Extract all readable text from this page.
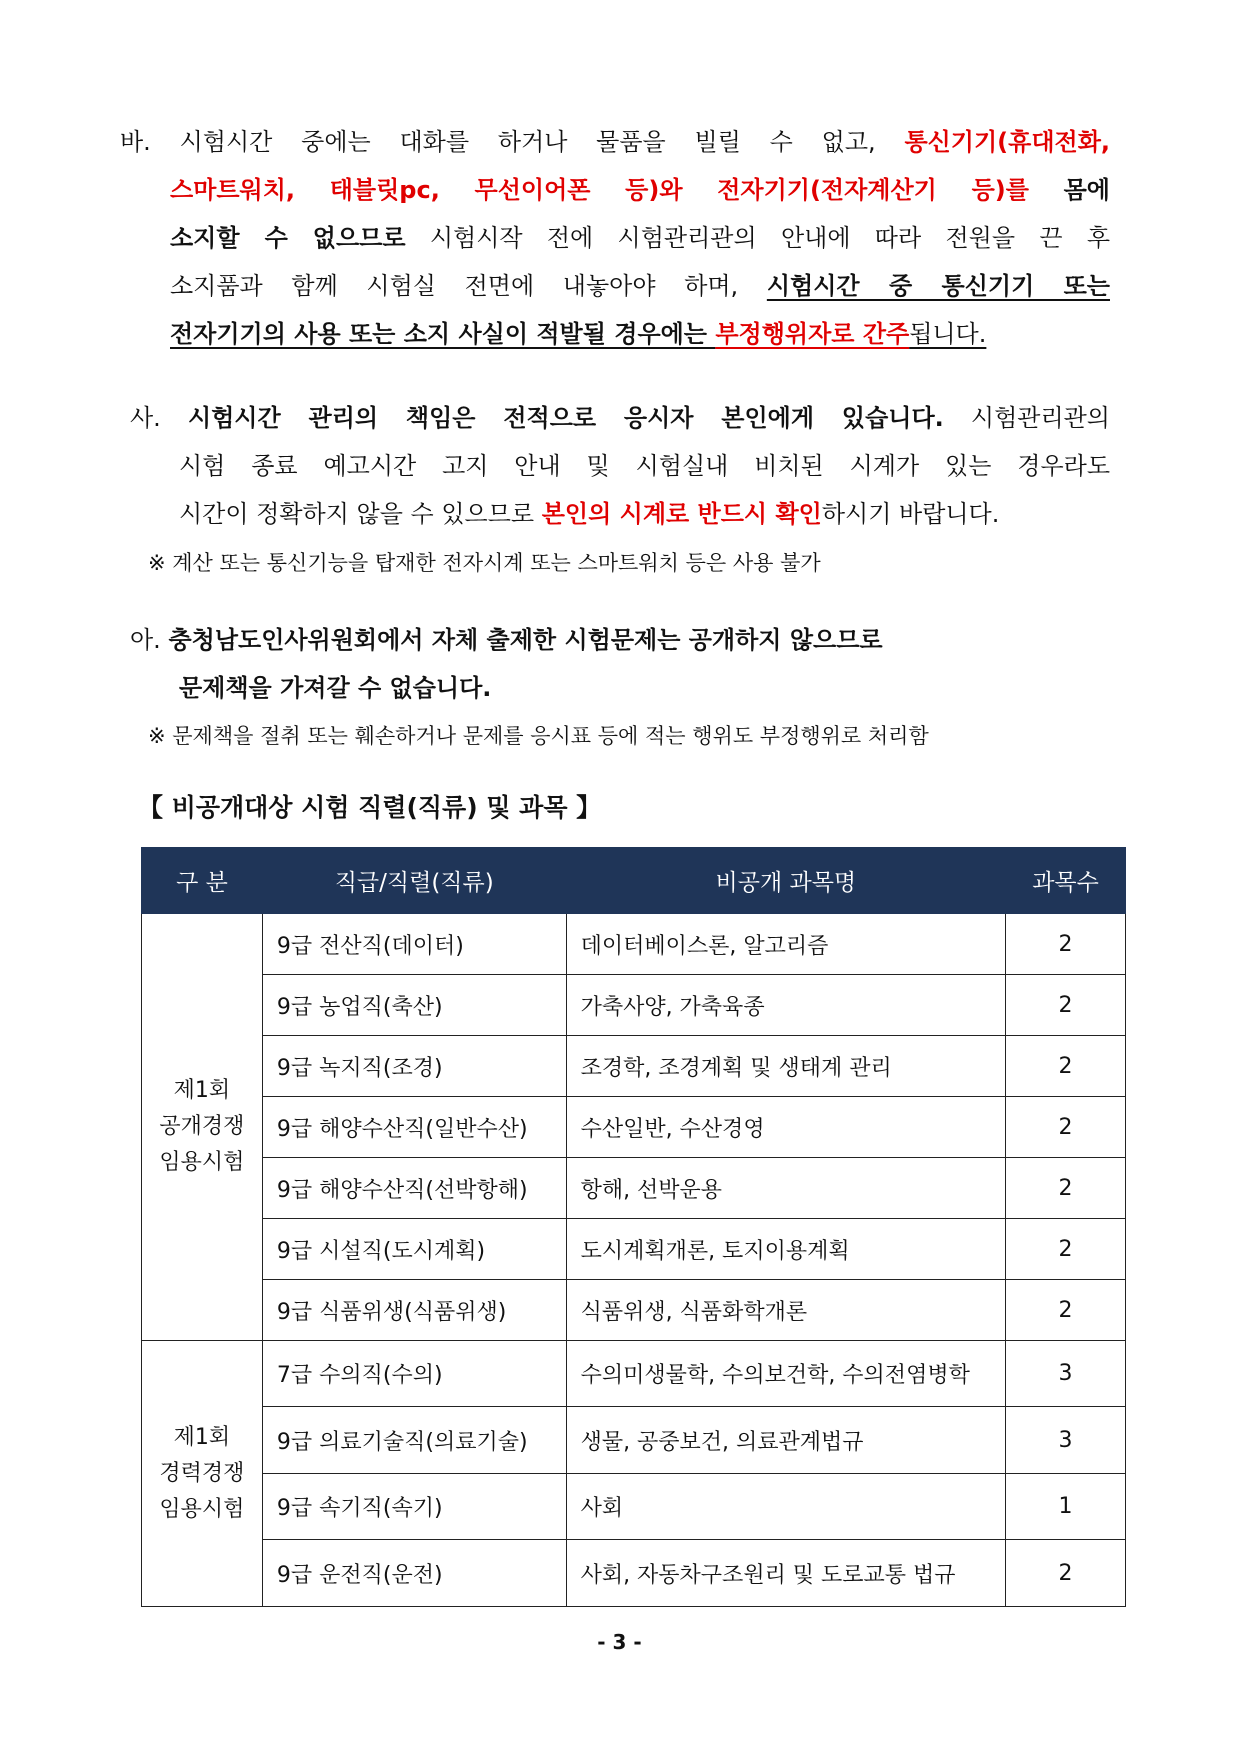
바. 시험시간 중에는 대화를 하거나 물품을 빌릴 수 없고, 통신기기(휴대전화,
스마트워치, 태블릿pc, 무선이어폰 등)와 전자기기(전자계산기 등)를 몸에
소지할 수 없으므로 시험시작 전에 시험관리관의 안내에 따라 전원을 끈 후
소지품과 함께 시험실 전면에 내놓아야 하며, 시험시간 중 통신기기 또는
전자기기의 사용 또는 소지 사실이 적발될 경우에는 부정행위자로 간주됩니다.
사. 시험시간 관리의 책임은 전적으로 응시자 본인에게 있습니다. 시험관리관의
시험 종료 예고시간 고지 안내 및 시험실내 비치된 시계가 있는 경우라도
시간이 정확하지 않을 수 있으므로 본인의 시계로 반드시 확인하시기 바랍니다.
※ 계산 또는 통신기능을 탑재한 전자시계 또는 스마트워치 등은 사용 불가
아. 충청남도인사위원회에서 자체 출제한 시험문제는 공개하지 않으므로
문제책을 가져갈 수 없습니다.
※ 문제책을 절취 또는 훼손하거나 문제를 응시표 등에 적는 행위도 부정행위로 처리함
【 비공개대상 시험 직렬(직류) 및 과목 】
구 분	직급/직렬(직류)	비공개 과목명	과목수

제1회
공개경쟁
임용시험	9급 전산직(데이터)	데이터베이스론, 알고리즘	2
	9급 농업직(축산)	가축사양, 가축육종	2
	9급 녹지직(조경)	조경학, 조경계획 및 생태계 관리	2
	9급 해양수산직(일반수산)	수산일반, 수산경영	2
	9급 해양수산직(선박항해)	항해, 선박운용	2
	9급 시설직(도시계획)	도시계획개론, 토지이용계획	2
	9급 식품위생(식품위생)	식품위생, 식품화학개론	2

제1회
경력경쟁
임용시험	7급 수의직(수의)	수의미생물학, 수의보건학, 수의전염병학	3
	9급 의료기술직(의료기술)	생물, 공중보건, 의료관계법규	3
	9급 속기직(속기)	사회	1
	9급 운전직(운전)	사회, 자동차구조원리 및 도로교통 법규	2
- 3 -
